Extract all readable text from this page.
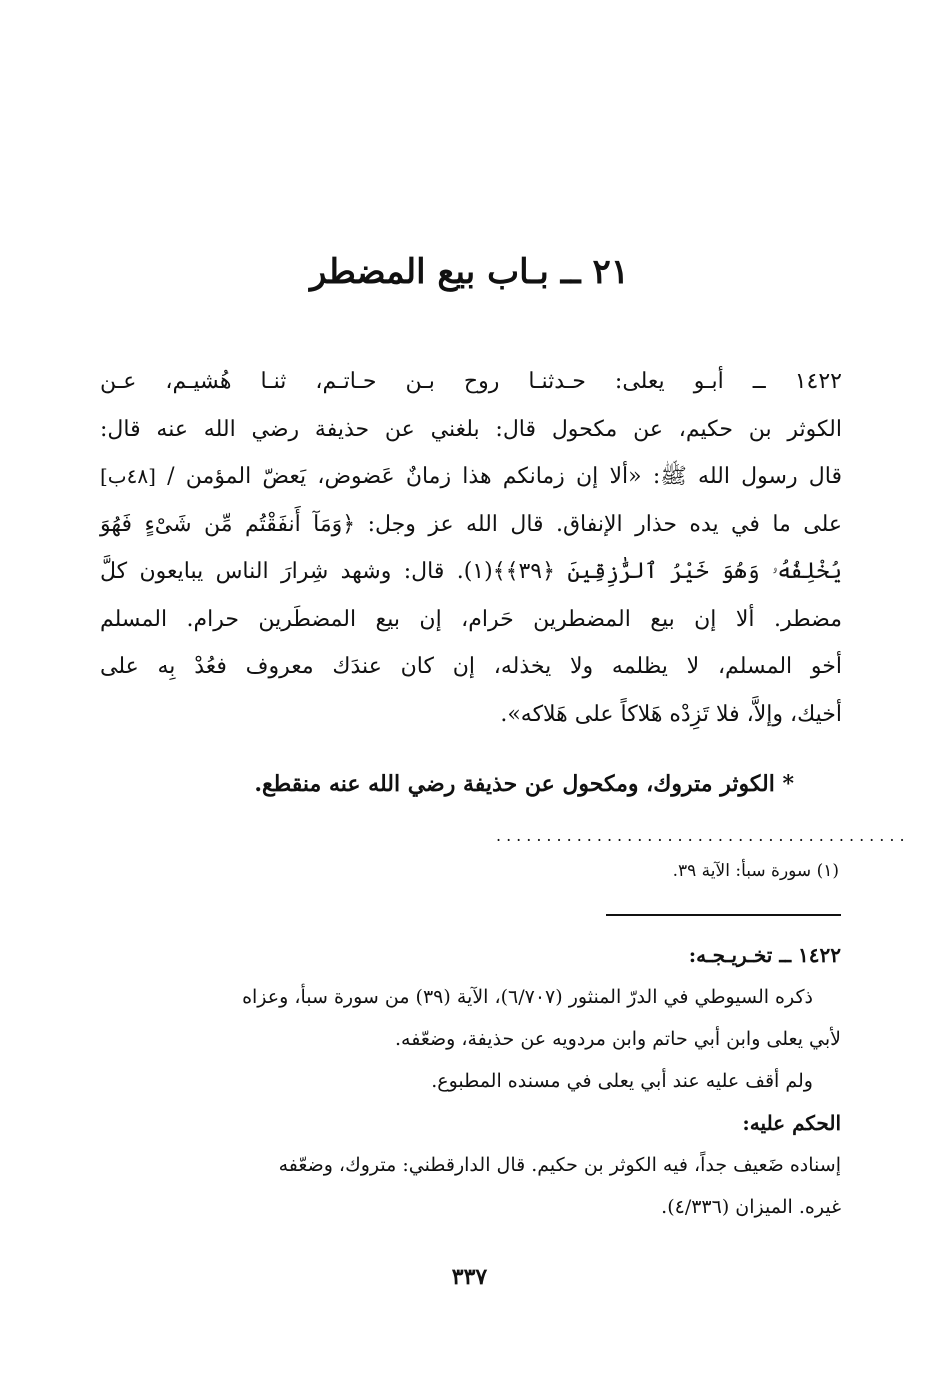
٢١ ــ بـاب بيع المضطر
١٤٢٢ ــ أبـو يعلى: حـدثنـا روح بـن حـاتـم، ثنـا هُشيـم، عـن
الكوثر بن حكيم، عن مكحول قال: بلغني عن حذيفة رضي الله عنه قال:
قال رسول الله ﷺ: «ألا إن زمانكم هذا زمانٌ عَضوض، يَعضّ المؤمن / [٤٨ب]
على ما في يده حذار الإنفاق. قال الله عز وجل: ﴿وَمَآ أَنفَقْتُم مِّن شَىْءٍ فَهُوَ
يُخْلِفُهُۥ وَهُوَ خَيْرُ ٱلرَّٰزِقِينَ ﴿٣٩﴾﴾(١). قال: وشهد شِرارَ الناس يبايعون كلَّ
مضطر. ألا إن بيع المضطرين حَرام، إن بيع المضطَرين حرام. المسلم
أخو المسلم، لا يظلمه ولا يخذله، إن كان عندَك معروف فعُدْ بِه على
أخيك، وإلاَّ، فلا تَزِدْه هَلاكاً على هَلاكه».
* الكوثر متروك، ومكحول عن حذيفة رضي الله عنه منقطع.
.........................................
(١) سورة سبأ: الآية ٣٩.

١٤٢٢ ــ تخـريـجـه:

ذكره السيوطي في الدرّ المنثور (٦/٧٠٧)، الآية (٣٩) من سورة سبأ، وعزاه

لأبي يعلى وابن أبي حاتم وابن مردويه عن حذيفة، وضعّفه.

ولم أقف عليه عند أبي يعلى في مسنده المطبوع.

الحكم عليه:

إسناده ضَعيف جداً، فيه الكوثر بن حكيم. قال الدارقطني: متروك، وضعّفه

غيره. الميزان (٤/٣٣٦).

٣٣٧
